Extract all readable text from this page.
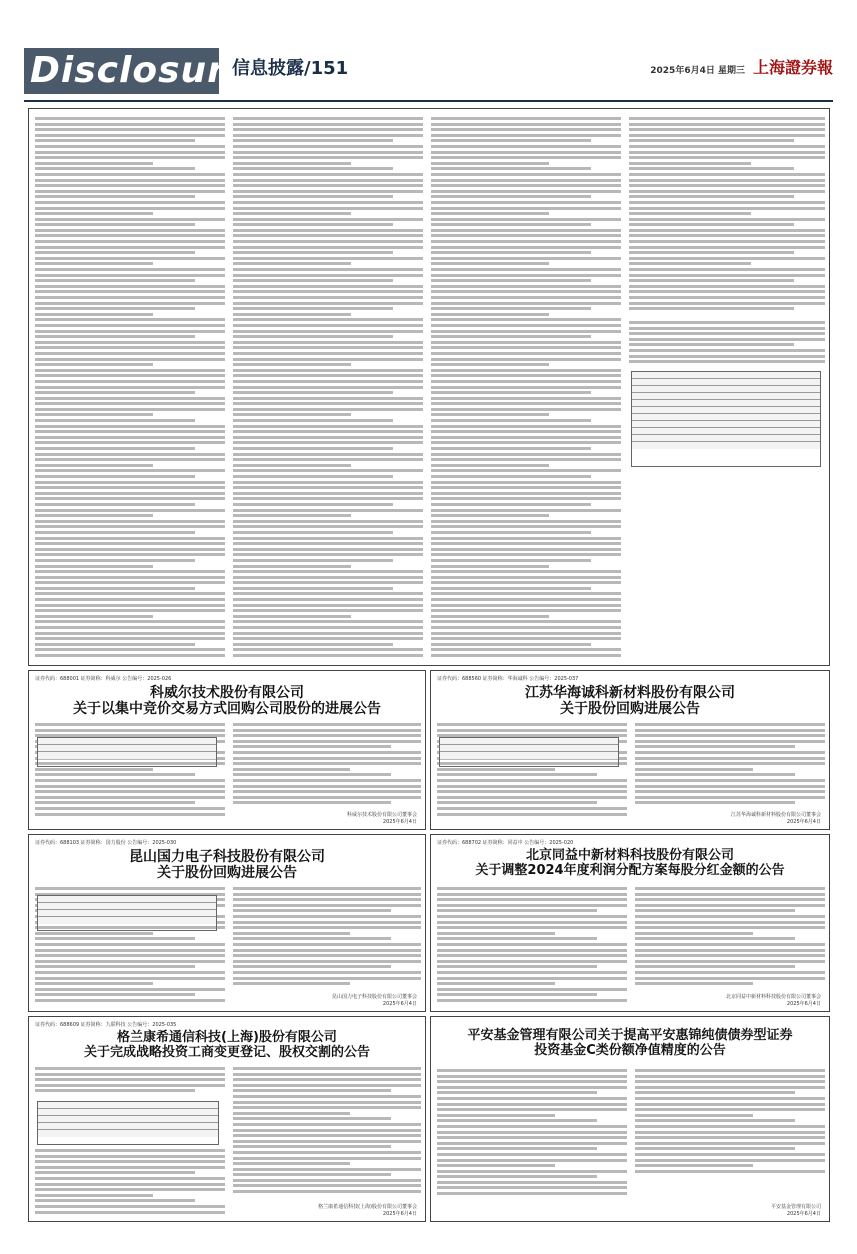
Disclosure
信息披露/151	2025年6月4日 星期三 上海證券報
证券代码：688001 证券简称：科威尔 公告编号：2025-026
科威尔技术股份有限公司
关于以集中竞价交易方式回购公司股份的进展公告
科威尔技术股份有限公司董事会
2025年6月4日
证券代码：688560 证券简称：华海诚科 公告编号：2025-037
江苏华海诚科新材料股份有限公司
关于股份回购进展公告
江苏华海诚科新材料股份有限公司董事会
2025年6月4日
证券代码：688103 证券简称：国力股份 公告编号：2025-030
昆山国力电子科技股份有限公司
关于股份回购进展公告
昆山国力电子科技股份有限公司董事会
2025年6月4日
证券代码：688702 证券简称：同益中 公告编号：2025-020
北京同益中新材料科技股份有限公司
关于调整2024年度利润分配方案每股分红金额的公告
北京同益中新材料科技股份有限公司董事会
2025年6月4日
证券代码：688609 证券简称：九联科技 公告编号：2025-035
格兰康希通信科技(上海)股份有限公司
关于完成战略投资工商变更登记、股权交割的公告
格兰康希通信科技(上海)股份有限公司董事会
2025年6月4日
平安基金管理有限公司关于提高平安惠锦纯债债券型证券
投资基金C类份额净值精度的公告
平安基金管理有限公司
2025年6月4日
